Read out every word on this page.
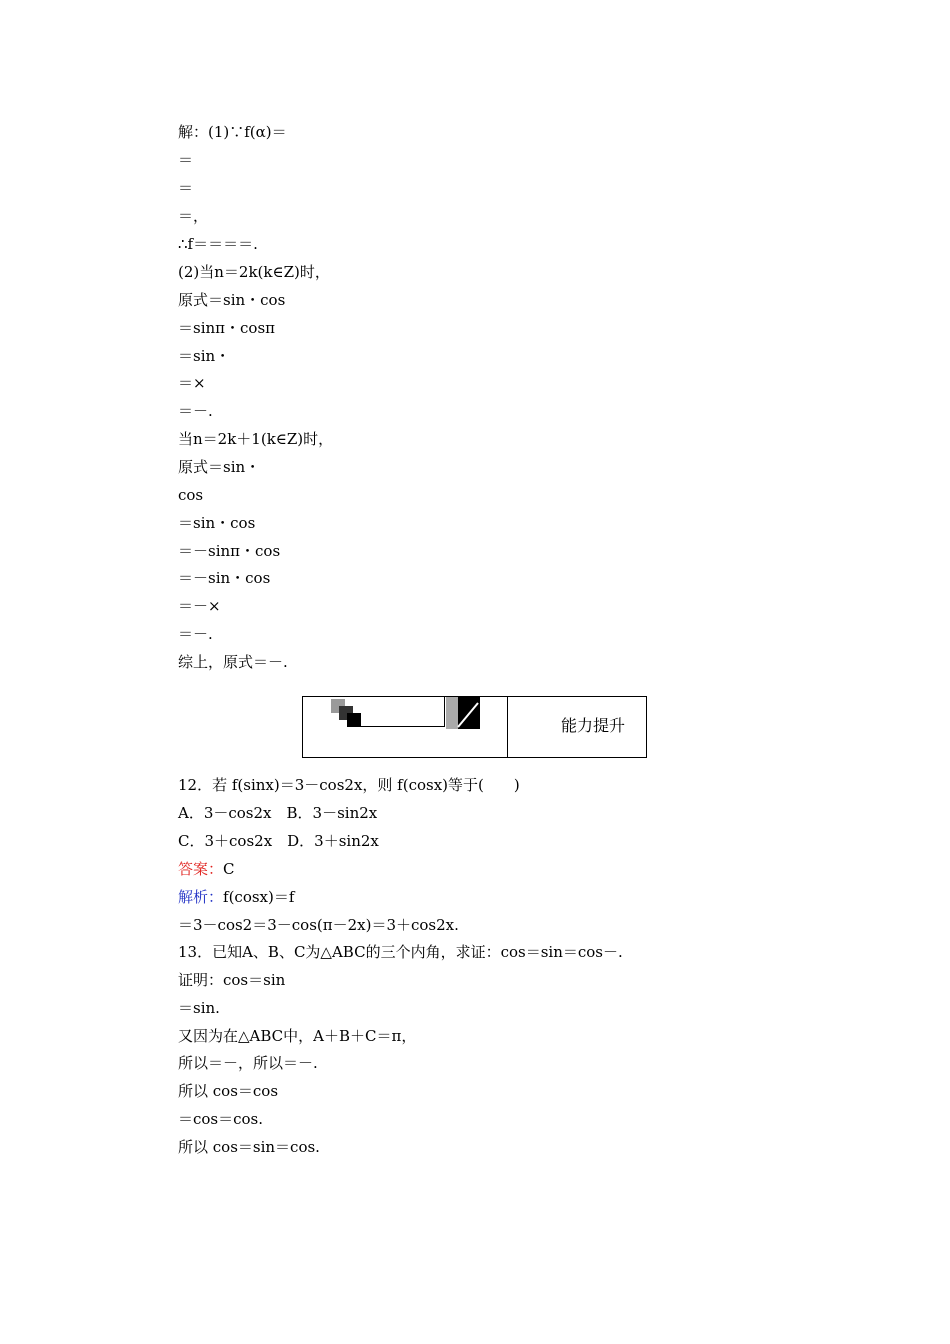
解：(1)∵f(α)＝
＝
＝
＝，
∴f＝＝＝＝.
(2)当n＝2k(k∈Z)时，
原式＝sin・cos
＝sinπ・cosπ
＝sin・
＝×
＝－.
当n＝2k＋1(k∈Z)时，
原式＝sin・
cos
＝sin・cos
＝－sinπ・cos
＝－sin・cos
＝－×
＝－.
综上，原式＝－.
能力提升
12．若 f(sinx)＝3－cos2x，则 f(cosx)等于(　　)
A．3－cos2x　B．3－sin2x
C．3＋cos2x　D．3＋sin2x
答案：C
解析：f(cosx)＝f
＝3－cos2＝3－cos(π－2x)＝3＋cos2x.
13．已知A、B、C为△ABC的三个内角，求证：cos＝sin＝cos－.
证明：cos＝sin
＝sin.
又因为在△ABC中，A＋B＋C＝π，
所以＝－，所以＝－.
所以 cos＝cos
＝cos＝cos.
所以 cos＝sin＝cos.
